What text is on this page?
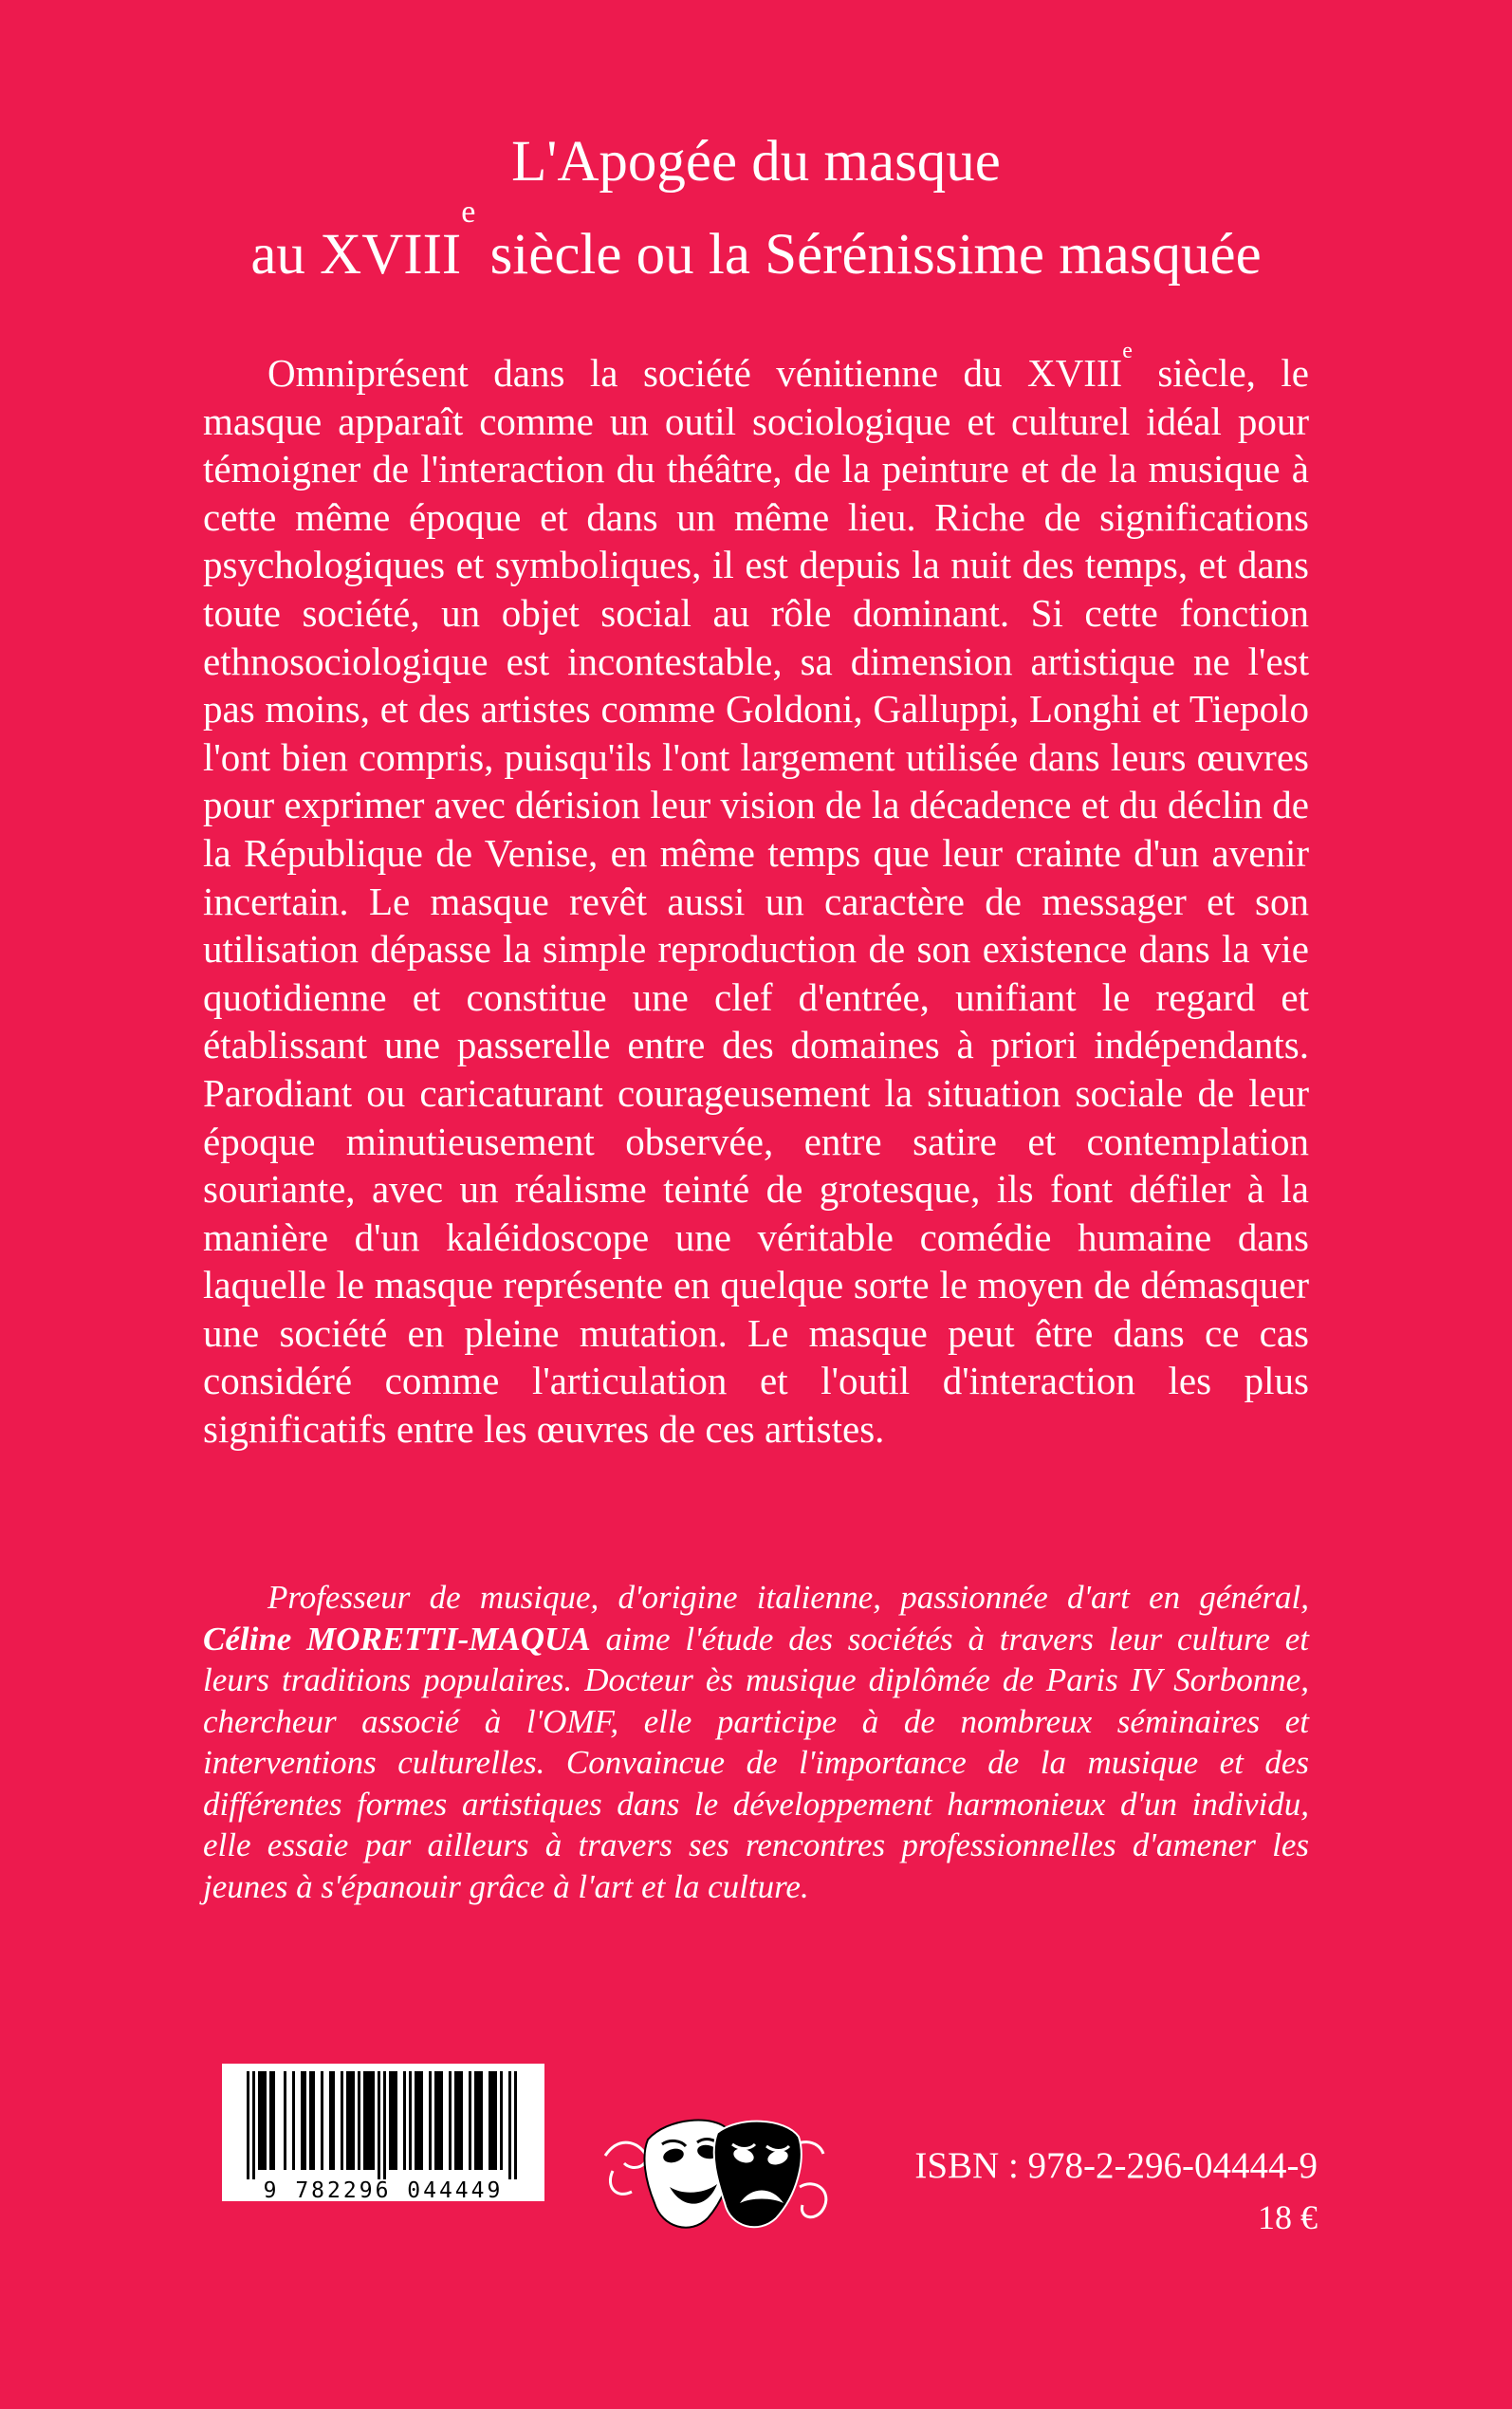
L'Apogée du masque
au XVIIIe siècle ou la Sérénissime masquée

Omniprésent dans la société vénitienne du XVIIIe siècle, le masque apparaît comme un outil sociologique et culturel idéal pour témoigner de l'interaction du théâtre, de la peinture et de la musique à cette même époque et dans un même lieu. Riche de significations psychologiques et symboliques, il est depuis la nuit des temps, et dans toute société, un objet social au rôle dominant. Si cette fonction ethnosociologique est incontestable, sa dimension artistique ne l'est pas moins, et des artistes comme Goldoni, Galluppi, Longhi et Tiepolo l'ont bien compris, puisqu'ils l'ont largement utilisée dans leurs œuvres pour exprimer avec dérision leur vision de la décadence et du déclin de la République de Venise, en même temps que leur crainte d'un avenir incertain. Le masque revêt aussi un caractère de messager et son utilisation dépasse la simple reproduction de son existence dans la vie quotidienne et constitue une clef d'entrée, unifiant le regard et établissant une passerelle entre des domaines à priori indépendants. Parodiant ou caricaturant courageusement la situation sociale de leur époque minutieusement observée, entre satire et contemplation souriante, avec un réalisme teinté de grotesque, ils font défiler à la manière d'un kaléidoscope une véritable comédie humaine dans laquelle le masque représente en quelque sorte le moyen de démasquer une société en pleine mutation. Le masque peut être dans ce cas considéré comme l'articulation et l'outil d'interaction les plus significatifs entre les œuvres de ces artistes.

Professeur de musique, d'origine italienne, passionnée d'art en général, Céline MORETTI-MAQUA aime l'étude des sociétés à travers leur culture et leurs traditions populaires. Docteur ès musique diplômée de Paris IV Sorbonne, chercheur associé à l'OMF, elle participe à de nombreux séminaires et interventions culturelles. Convaincue de l'importance de la musique et des différentes formes artistiques dans le développement harmonieux d'un individu, elle essaie par ailleurs à travers ses rencontres professionnelles d'amener les jeunes à s'épanouir grâce à l'art et la culture.

9 782296 044449

ISBN : 978-2-296-04444-9

18 €
